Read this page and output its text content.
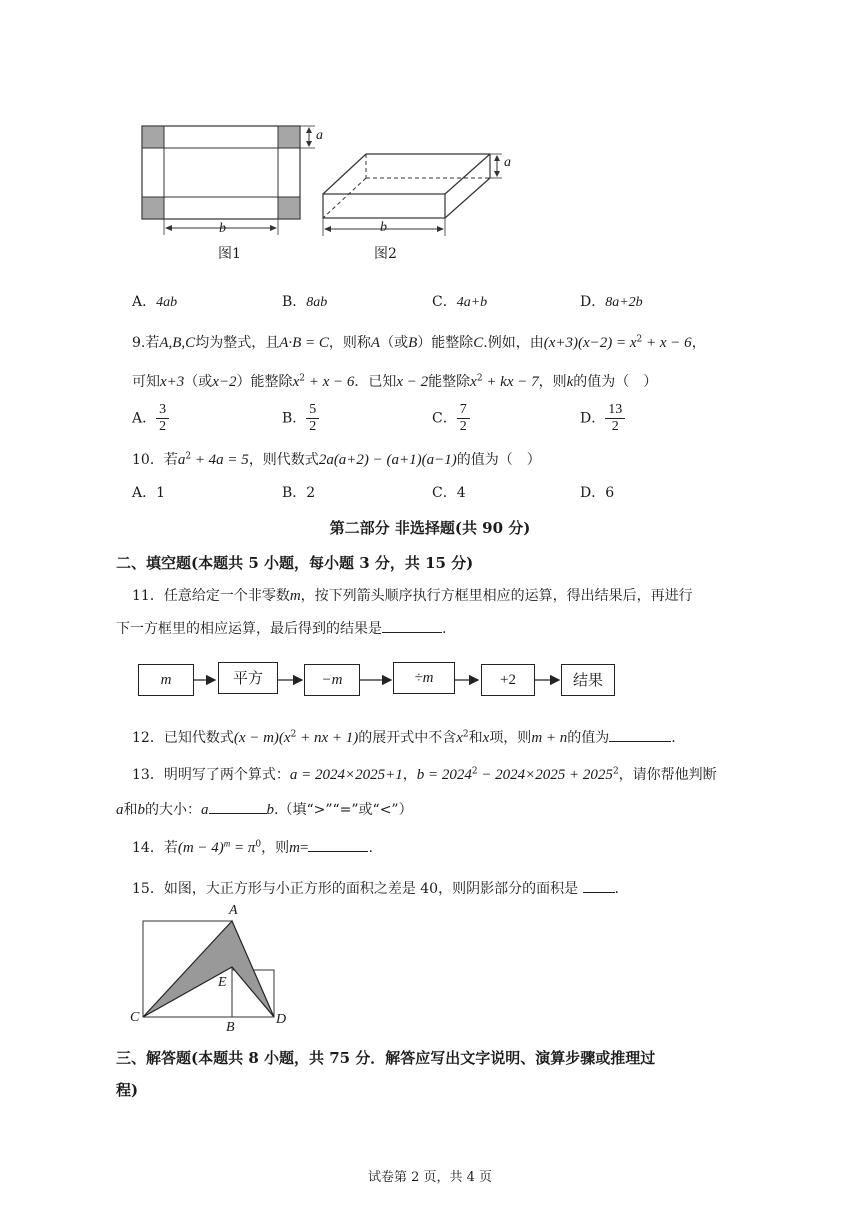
a
b
图1
a
b
图2
A．4ab	B．8ab	C．4a+b	D．8a+2b
9.若A,B,C均为整式，且A·B = C，则称A（或B）能整除C.例如，由$(x+3)(x-2) = x^2 + x - 6$，
可知x+3（或x−2）能整除$x^2 + x - 6$．已知x − 2能整除$x^2$ + kx − 7，则k的值为（　）
A． $\frac{3}{2}$	B． $\frac{5}{2}$	C． $\frac{7}{2}$	D． $\frac{13}{2}$
10．若$a^2 + 4a = 5$，则代数式2a(a+2) − (a+1)(a−1)的值为（　）
A．1	B．2	C．4	D．6
第二部分 非选择题(共 90 分)
二、填空题(本题共 5 小题，每小题 3 分，共 15 分)
11．任意给定一个非零数m，按下列箭头顺序执行方框里相应的运算，得出结果后，再进行
下一方框里的相应运算，最后得到的结果是	.
m	平方	−m	÷m	+2	结果
12．已知代数式$(x - m)(x^2$ + nx + 1)的展开式中不含$x^2$和x项，则m + n的值为	.
13．明明写了两个算式：a = 2024×2025+1，$b = 2024^2 - 2024\times 2025 + 2025^2$，请你帮他判断
a和b的大小：a	b.（填“>”“=”或“<”）
14．若$(m - 4)^m = \pi^0$，则m=	.
15．如图，大正方形与小正方形的面积之差是 40，则阴影部分的面积是	.
A
E
C
B
D
三、解答题(本题共 8 小题，共 75 分．解答应写出文字说明、演算步骤或推理过
程)
试卷第 2 页，共 4 页
